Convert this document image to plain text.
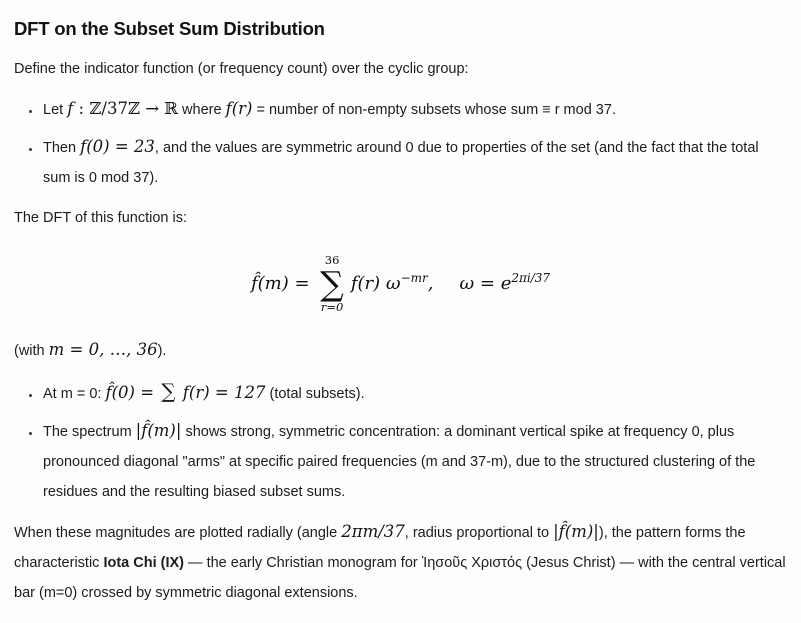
DFT on the Subset Sum Distribution

Define the indicator function (or frequency count) over the cyclic group:

• Let f : ℤ/37ℤ → ℝ where f(r) = number of non-empty subsets whose sum ≡ r mod 37.
• Then f(0) = 23, and the values are symmetric around 0 due to properties of the set (and the fact that the total sum is 0 mod 37).

The DFT of this function is:

f̂(m) =
36
∑
r=0
f(r) $\omega^{-mr}$, $\omega = e^{2\pi i/37}$

(with m = 0, …, 36).

• At m = 0: f̂(0) = ∑ f(r) = 127 (total subsets).
• The spectrum |f̂(m)| shows strong, symmetric concentration: a dominant vertical spike at frequency 0, plus pronounced diagonal "arms" at specific paired frequencies (m and 37-m), due to the structured clustering of the residues and the resulting biased subset sums.

When these magnitudes are plotted radially (angle 2πm/37, radius proportional to |f̂(m)|), the pattern forms the characteristic Iota Chi (IX) — the early Christian monogram for Ἰησοῦς Χριστός (Jesus Christ) — with the central vertical bar (m=0) crossed by symmetric diagonal extensions.
